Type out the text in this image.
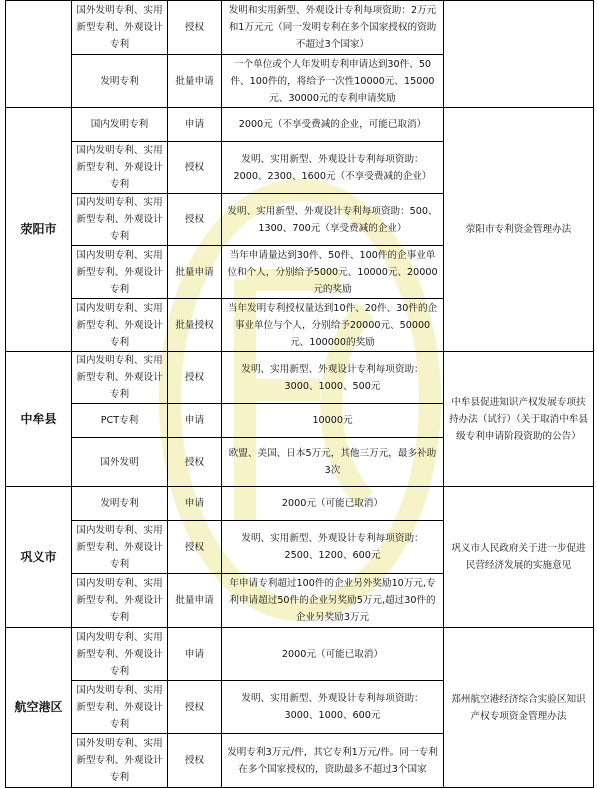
	国外发明专利、实用新型专利、外观设计专利	授权	发明和实用新型、外观设计专利每项资助：2万元和1万元元（同一发明专利在多个国家授权的资助不超过3个国家）	
	发明专利	批量申请	一个单位或个人年发明专利申请达到30件、50件、100件的，将给予一次性10000元、15000元、30000元的专利申请奖励	
荥阳市	国内发明专利	申请	2000元（不享受费减的企业，可能已取消）	荥阳市专利资金管理办法
	国内发明专利、实用新型专利、外观设计专利	授权	发明、实用新型、外观设计专利每项资助：2000、2300、1600元（不享受费减的企业）	
	国内发明专利、实用新型专利、外观设计专利	授权	发明、实用新型、外观设计专利每项资助：500、1300、700元（享受费减的企业）	
	国内发明专利、实用新型专利、外观设计专利	批量申请	当年申请量达到30件、50件、100件的企事业单位和个人，分别给予5000元、10000元、20000元的奖励	
	国内发明专利、实用新型专利、外观设计专利	批量授权	当年发明专利授权量达到10件、20件、30件的企事业单位与个人，分别给予20000元、50000元、100000的奖励	
中牟县	国内发明专利、实用新型专利、外观设计专利	授权	发明、实用新型、外观设计专利每项资助：3000、1000、500元	中牟县促进知识产权发展专项扶持办法（试行）（关于取消中牟县级专利申请阶段资助的公告）
	PCT专利	申请	10000元	
	国外发明	授权	欧盟、美国、日本5万元，其他三万元，最多补助3次	
巩义市	发明专利	申请	2000元（可能已取消）	巩义市人民政府关于进一步促进民营经济发展的实施意见
	国内发明专利、实用新型专利、外观设计专利	授权	发明、实用新型、外观设计专利每项资助：2500、1200、600元	
	国内发明专利、实用新型专利、外观设计专利	批量申请	年申请专利超过100件的企业另外奖励10万元,专利申请超过50件的企业另奖励5万元,超过30件的企业另奖励3万元	
航空港区	国内发明专利、实用新型专利、外观设计专利	申请	2000元（可能已取消）	郑州航空港经济综合实验区知识产权专项资金管理办法
	国内发明专利、实用新型专利、外观设计专利	授权	发明、实用新型、外观设计专利每项资助：3000、1000、600元	
	国外发明专利、实用新型专利、外观设计专利	授权	发明专利3万元/件，其它专利1万元/件。同一专利在多个国家授权的，资助最多不超过3个国家	
